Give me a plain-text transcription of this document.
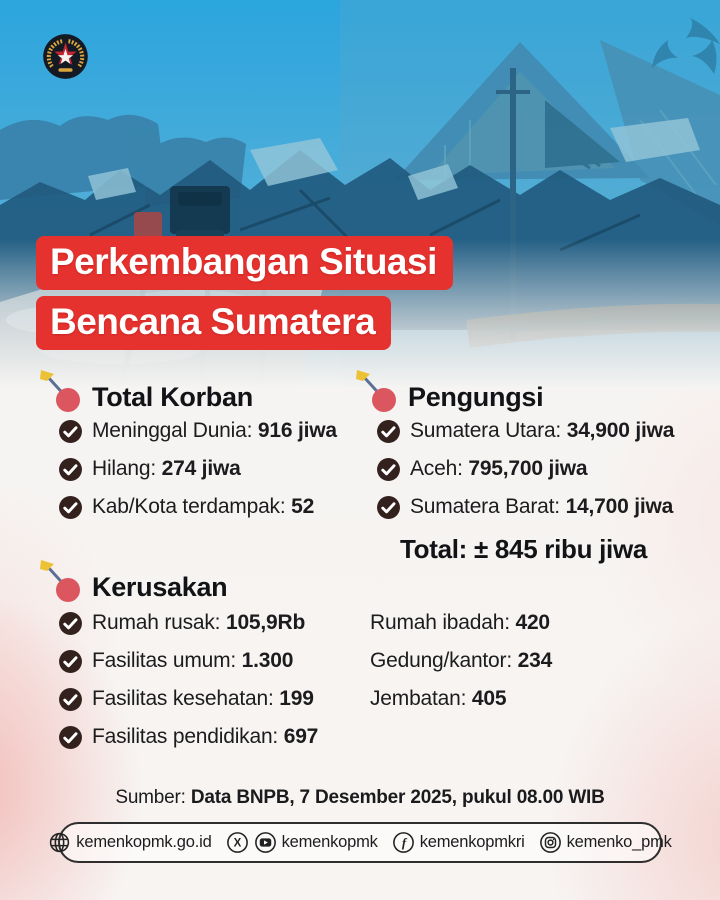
Perkembangan Situasi
Bencana Sumatera
Total Korban
Meninggal Dunia: 916 jiwa
Hilang: 274 jiwa
Kab/Kota terdampak: 52
Pengungsi
Sumatera Utara: 34,900 jiwa
Aceh: 795,700 jiwa
Sumatera Barat: 14,700 jiwa
Total: ± 845 ribu jiwa
Kerusakan
Rumah rusak: 105,9Rb
Fasilitas umum: 1.300
Fasilitas kesehatan: 199
Fasilitas pendidikan: 697
Rumah ibadah: 420
Gedung/kantor: 234
Jembatan: 405
Sumber: Data BNPB, 7 Desember 2025, pukul 08.00 WIB
kemenkopmk.go.id X kemenkopmk f kemenkopmkri	kemenko_pmk
